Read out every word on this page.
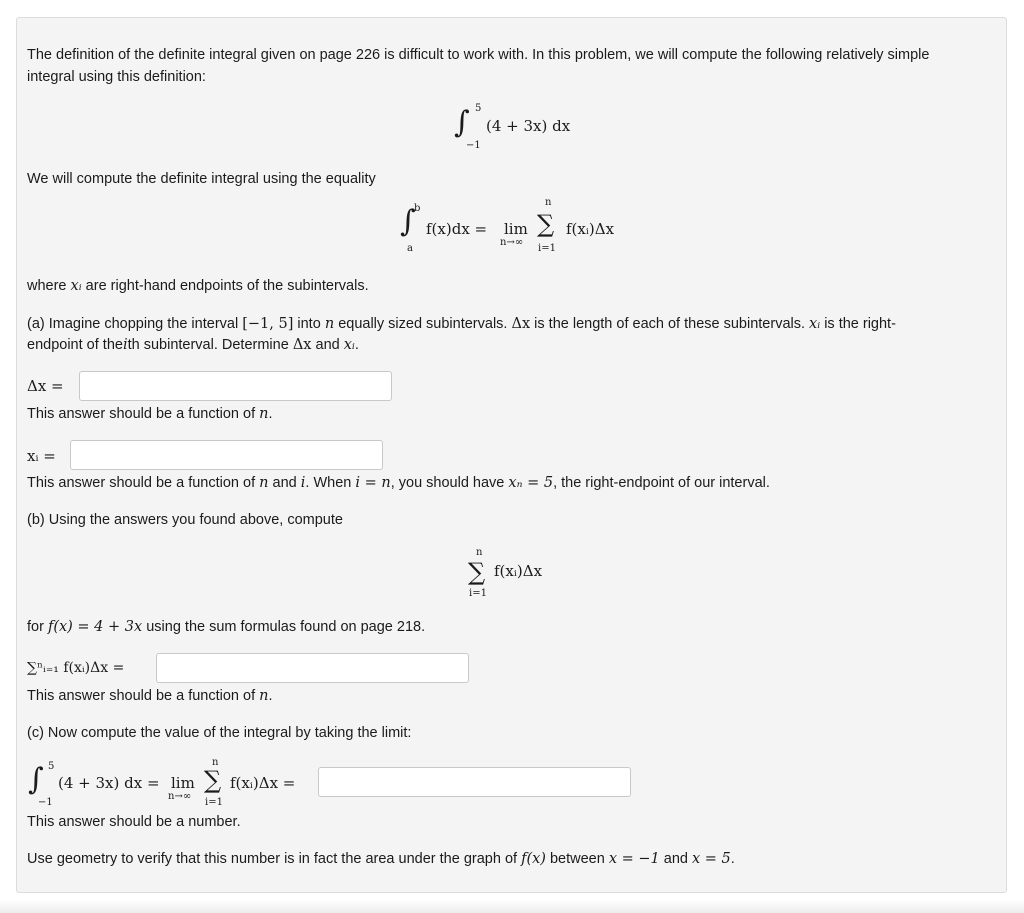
The definition of the definite integral given on page 226 is difficult to work with. In this problem, we will compute the following relatively simple
integral using this definition:
∫ 5
−1
(4 + 3x) dx
We will compute the definite integral using the equality
∫
b
a
f(x)dx = lim
n→∞
n
∑
i=1
f(xᵢ)Δx
where xᵢ are right-hand endpoints of the subintervals.
(a) Imagine chopping the interval [−1, 5] into n equally sized subintervals. Δx is the length of each of these subintervals. xᵢ is the right-
endpoint of theith subinterval. Determine Δx and xᵢ.
Δx =
This answer should be a function of n.
xᵢ =
This answer should be a function of n and i. When i = n, you should have xₙ = 5, the right-endpoint of our interval.
(b) Using the answers you found above, compute
n
∑
i=1
f(xᵢ)Δx
for f(x) = 4 + 3x using the sum formulas found on page 218.
∑ⁿᵢ₌₁ f(xᵢ)Δx =
This answer should be a function of n.
(c) Now compute the value of the integral by taking the limit:
∫ 5
−1
(4 + 3x) dx = lim
n→∞
n
∑
i=1
f(xᵢ)Δx =
This answer should be a number.
Use geometry to verify that this number is in fact the area under the graph of f(x) between x = −1 and x = 5.
